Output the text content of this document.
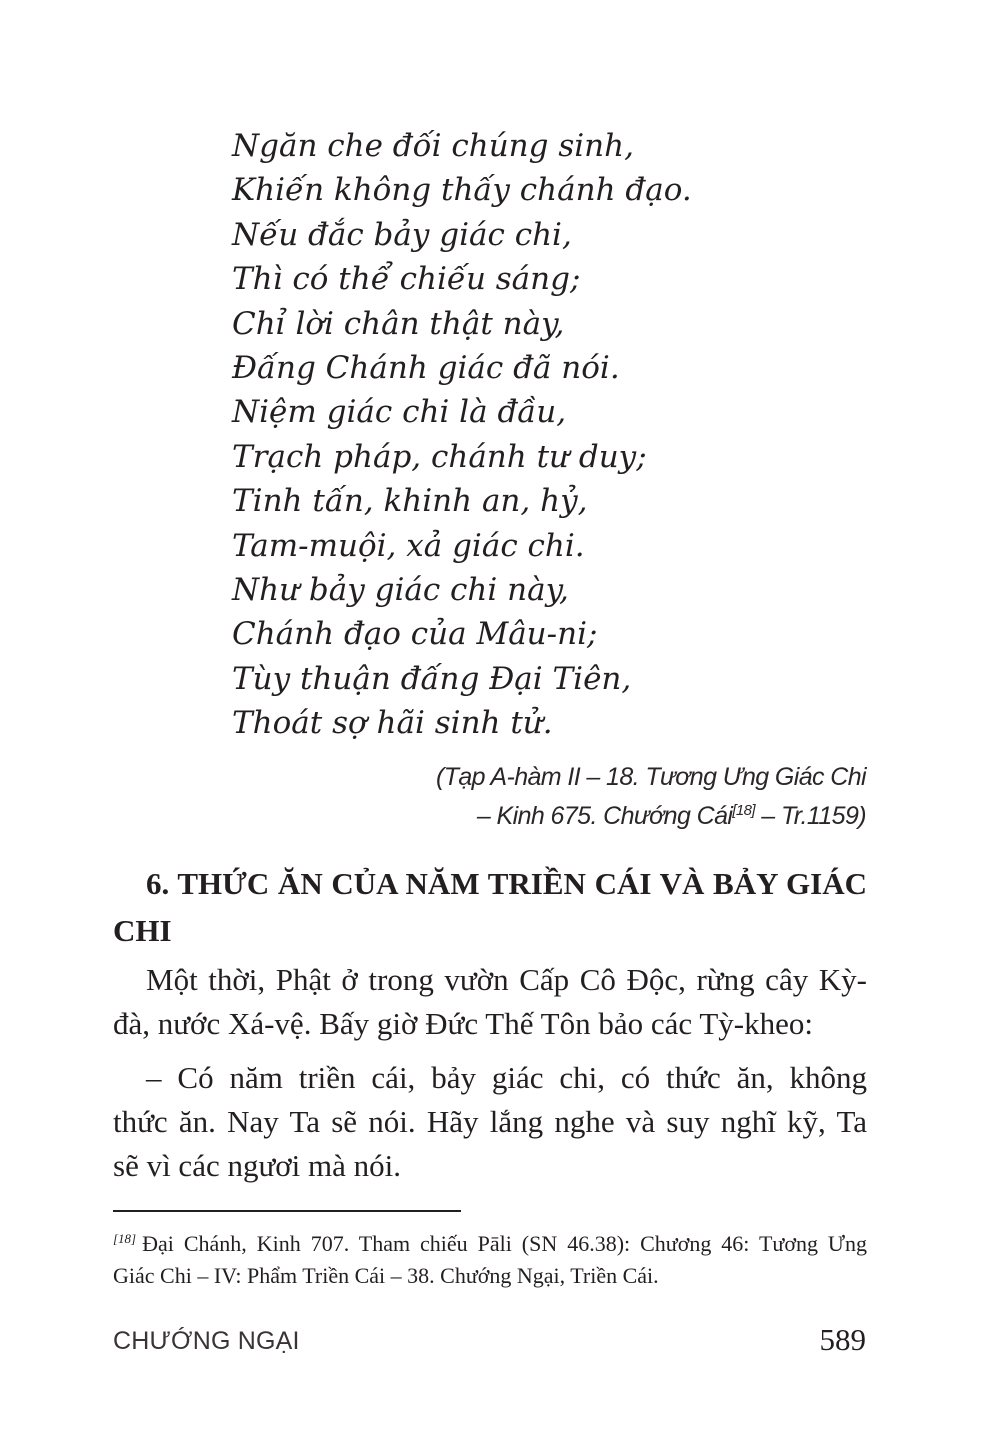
Ngăn che đối chúng sinh,
Khiến không thấy chánh đạo.
Nếu đắc bảy giác chi,
Thì có thể chiếu sáng;
Chỉ lời chân thật này,
Đấng Chánh giác đã nói.
Niệm giác chi là đầu,
Trạch pháp, chánh tư duy;
Tinh tấn, khinh an, hỷ,
Tam-muội, xả giác chi.
Như bảy giác chi này,
Chánh đạo của Mâu-ni;
Tùy thuận đấng Đại Tiên,
Thoát sợ hãi sinh tử.
(Tạp A-hàm II – 18. Tương Ưng Giác Chi
– Kinh 675. Chướng Cái[18] – Tr.1159)
6. THỨC ĂN CỦA NĂM TRIỀN CÁI VÀ BẢY GIÁC
CHI

Một thời, Phật ở trong vườn Cấp Cô Độc, rừng cây Kỳ-
đà, nước Xá-vệ. Bấy giờ Đức Thế Tôn bảo các Tỳ-kheo:

– Có năm triền cái, bảy giác chi, có thức ăn, không
thức ăn. Nay Ta sẽ nói. Hãy lắng nghe và suy nghĩ kỹ, Ta
sẽ vì các ngươi mà nói.

[18] Đại Chánh, Kinh 707. Tham chiếu Pāli (SN 46.38): Chương 46: Tương Ưng
Giác Chi – IV: Phẩm Triền Cái – 38. Chướng Ngại, Triền Cái.

CHƯỚNG NGẠI	589
